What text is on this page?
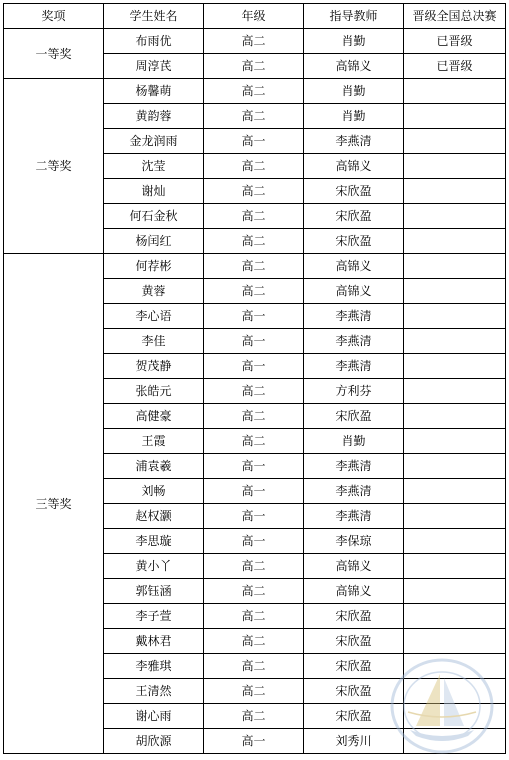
奖项	学生姓名	年级	指导教师	晋级全国总决赛
一等奖	布雨优	高二	肖勤	已晋级
	周淳芪	高二	高锦义	已晋级
二等奖	杨馨萌	高二	肖勤	
	黄韵蓉	高二	肖勤	
	金龙润雨	高一	李燕清	
	沈莹	高二	高锦义	
	谢灿	高二	宋欣盈	
	何石金秋	高二	宋欣盈	
	杨闰红	高二	宋欣盈	
三等奖	何荐彬	高二	高锦义	
	黄蓉	高二	高锦义	
	李心语	高一	李燕清	
	李佳	高一	李燕清	
	贺茂静	高一	李燕清	
	张皓元	高二	方利芬	
	高健豪	高二	宋欣盈	
	王霞	高二	肖勤	
	浦袁羲	高一	李燕清	
	刘畅	高一	李燕清	
	赵权灏	高一	李燕清	
	李思璇	高一	李保琼	
	黄小丫	高二	高锦义	
	郭钰涵	高二	高锦义	
	李子萱	高二	宋欣盈	
	戴林君	高二	宋欣盈	
	李雅琪	高二	宋欣盈	
	王清然	高二	宋欣盈	
	谢心雨	高二	宋欣盈	
	胡欣源	高一	刘秀川	
